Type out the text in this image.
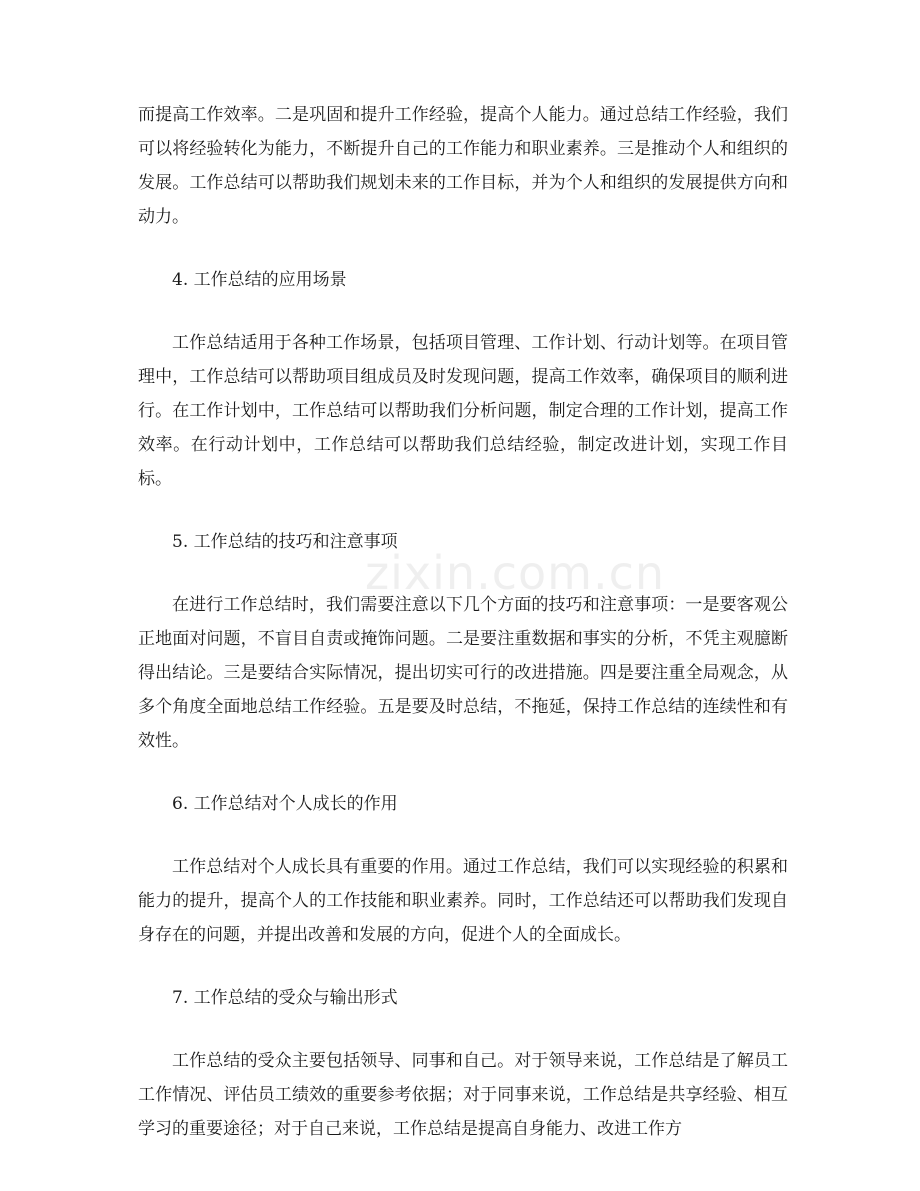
而提高工作效率。二是巩固和提升工作经验，提高个人能力。通过总结工作经验，我们可以将经验转化为能力，不断提升自己的工作能力和职业素养。三是推动个人和组织的发展。工作总结可以帮助我们规划未来的工作目标，并为个人和组织的发展提供方向和动力。

4. 工作总结的应用场景

工作总结适用于各种工作场景，包括项目管理、工作计划、行动计划等。在项目管理中，工作总结可以帮助项目组成员及时发现问题，提高工作效率，确保项目的顺利进行。在工作计划中，工作总结可以帮助我们分析问题，制定合理的工作计划，提高工作效率。在行动计划中，工作总结可以帮助我们总结经验，制定改进计划，实现工作目标。

5. 工作总结的技巧和注意事项

在进行工作总结时，我们需要注意以下几个方面的技巧和注意事项：一是要客观公正地面对问题，不盲目自责或掩饰问题。二是要注重数据和事实的分析，不凭主观臆断得出结论。三是要结合实际情况，提出切实可行的改进措施。四是要注重全局观念，从多个角度全面地总结工作经验。五是要及时总结，不拖延，保持工作总结的连续性和有效性。

6. 工作总结对个人成长的作用

工作总结对个人成长具有重要的作用。通过工作总结，我们可以实现经验的积累和能力的提升，提高个人的工作技能和职业素养。同时，工作总结还可以帮助我们发现自身存在的问题，并提出改善和发展的方向，促进个人的全面成长。

7. 工作总结的受众与输出形式

工作总结的受众主要包括领导、同事和自己。对于领导来说，工作总结是了解员工工作情况、评估员工绩效的重要参考依据；对于同事来说，工作总结是共享经验、相互学习的重要途径；对于自己来说，工作总结是提高自身能力、改进工作方

zixin.com.cn
